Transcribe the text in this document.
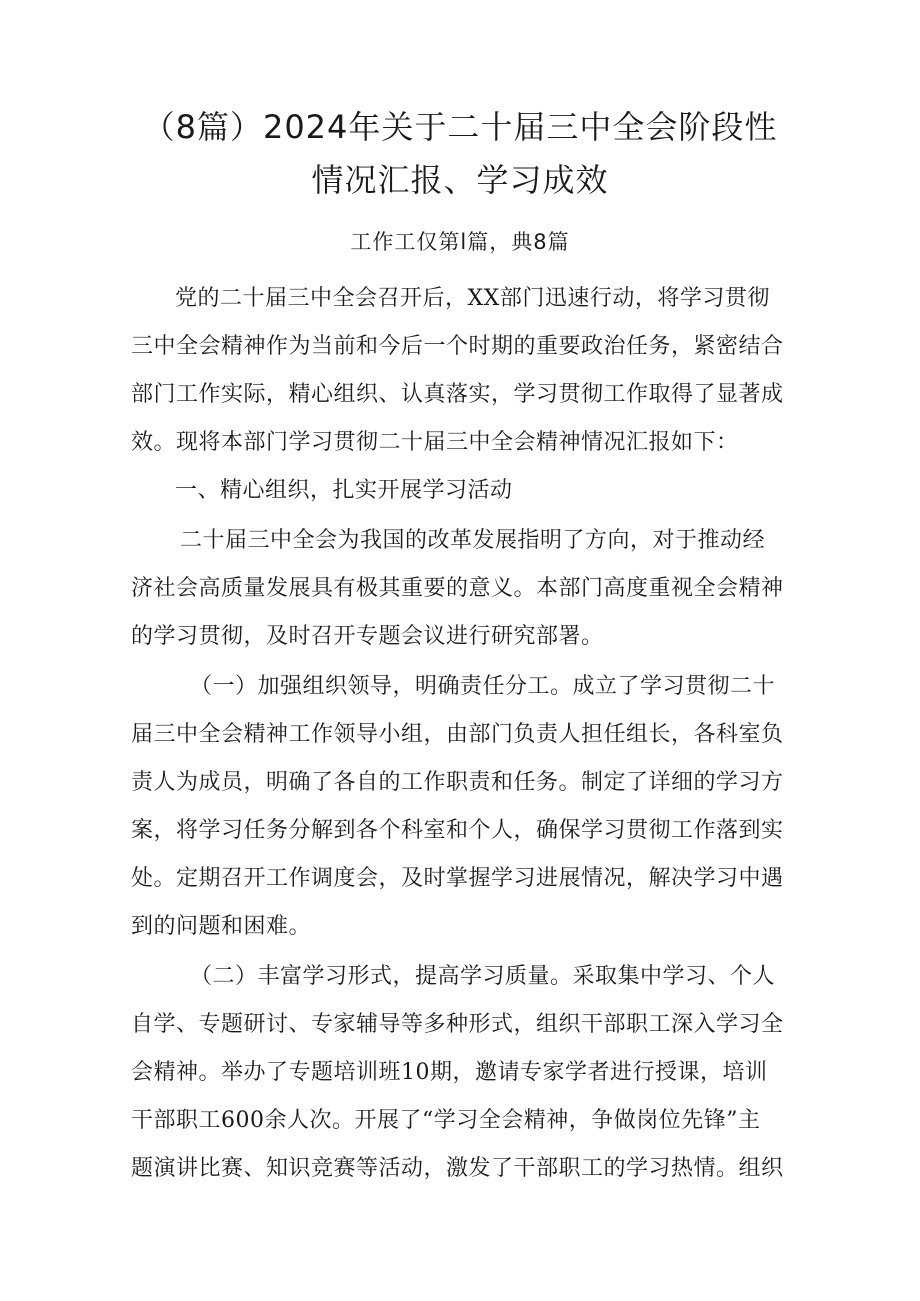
（8篇）2024年关于二十届三中全会阶段性
情况汇报、学习成效
工作工仅第l篇，典8篇
党的二十届三中全会召开后，XX部门迅速行动，将学习贯彻
三中全会精神作为当前和今后一个时期的重要政治任务，紧密结合
部门工作实际，精心组织、认真落实，学习贯彻工作取得了显著成
效。现将本部门学习贯彻二十届三中全会精神情况汇报如下：
一、精心组织，扎实开展学习活动
二十届三中全会为我国的改革发展指明了方向，对于推动经
济社会高质量发展具有极其重要的意义。本部门高度重视全会精神
的学习贯彻，及时召开专题会议进行研究部署。
（一）加强组织领导，明确责任分工。成立了学习贯彻二十
届三中全会精神工作领导小组，由部门负责人担任组长，各科室负
责人为成员，明确了各自的工作职责和任务。制定了详细的学习方
案，将学习任务分解到各个科室和个人，确保学习贯彻工作落到实
处。定期召开工作调度会，及时掌握学习进展情况，解决学习中遇
到的问题和困难。
（二）丰富学习形式，提高学习质量。采取集中学习、个人
自学、专题研讨、专家辅导等多种形式，组织干部职工深入学习全
会精神。举办了专题培训班10期，邀请专家学者进行授课，培训
干部职工600余人次。开展了“学习全会精神，争做岗位先锋”主
题演讲比赛、知识竞赛等活动，激发了干部职工的学习热情。组织
